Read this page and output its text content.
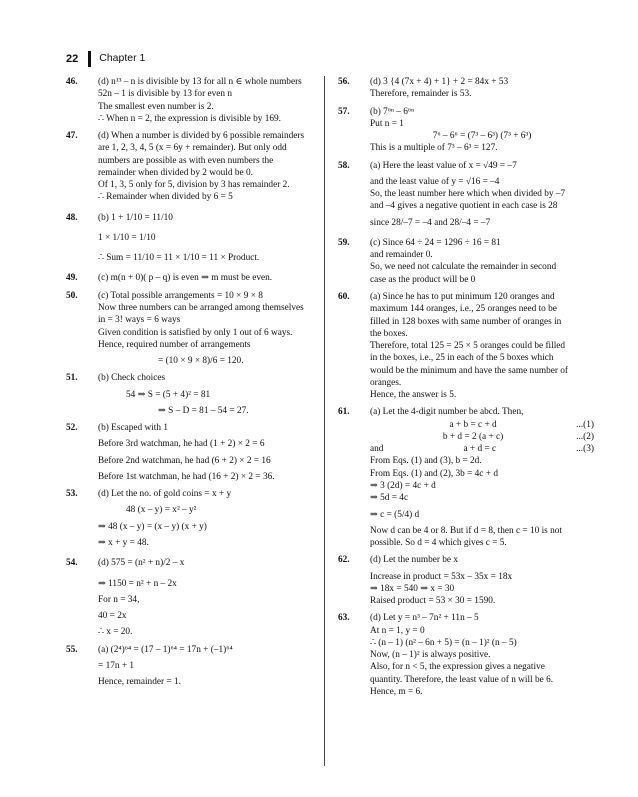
22 Chapter 1
46. (d) n¹³ – n is divisible by 13 for all n ∈ whole numbers
52n – 1 is divisible by 13 for even n
The smallest even number is 2.
∴ When n = 2, the expression is divisible by 169.
47. (d) When a number is divided by 6 possible remainders
are 1, 2, 3, 4, 5 (x = 6y + remainder). But only odd
numbers are possible as with even numbers the
remainder when divided by 2 would be 0.
Of 1, 3, 5 only for 5, division by 3 has remainder 2.
∴ Remainder when divided by 6 = 5
48. (b) 1 + 1/10 = 11/10
1 × 1/10 = 1/10
∴ Sum = 11/10 = 11 × 1/10 = 11 × Product.
49. (c) m(n + 0)( p – q) is even ⇒ m must be even.
50. (c) Total possible arrangements = 10 × 9 × 8
Now three numbers can be arranged among themselves
in = 3! ways = 6 ways
Given condition is satisfied by only 1 out of 6 ways.
Hence, required number of arrangements
= (10 × 9 × 8)/6 = 120.
51. (b) Check choices
54 ⇒ S = (5 + 4)² = 81
⇒ S – D = 81 – 54 = 27.
52. (b) Escaped with 1
Before 3rd watchman, he had (1 + 2) × 2 = 6
Before 2nd watchman, he had (6 + 2) × 2 = 16
Before 1st watchman, he had (16 + 2) × 2 = 36.
53. (d) Let the no. of gold coins = x + y
48 (x – y) = x² – y²
⇒ 48 (x – y) = (x – y) (x + y)
⇒ x + y = 48.
54. (d) 575 = (n² + n)/2 – x
⇒ 1150 = n² + n – 2x
For n = 34,
40 = 2x
∴ x = 20.
55. (a) (2⁴)⁶⁴ = (17 – 1)⁶⁴ = 17n + (–1)⁶⁴
= 17n + 1
Hence, remainder = 1.
56. (d) 3 {4 (7x + 4) + 1} + 2 = 84x + 53
Therefore, remainder is 53.
57. (b) 7⁶ⁿ – 6⁶ⁿ
Put n = 1
7⁶ – 6⁶ = (7³ – 6³) (7³ + 6³)
This is a multiple of 7³ – 6³ = 127.
58. (a) Here the least value of x = √49 = –7
and the least value of y = √16 = –4
So, the least number here which when divided by –7
and –4 gives a negative quotient in each case is 28
since 28/–7 = –4 and 28/–4 = –7
59. (c) Since 64 ÷ 24 = 1296 ÷ 16 = 81
and remainder 0.
So, we need not calculate the remainder in second
case as the product will be 0
60. (a) Since he has to put minimum 120 oranges and
maximum 144 oranges, i.e., 25 oranges need to be
filled in 128 boxes with same number of oranges in
the boxes.
Therefore, total 125 = 25 × 5 oranges could be filled
in the boxes, i.e., 25 in each of the 5 boxes which
would be the minimum and have the same number of
oranges.
Hence, the answer is 5.
61. (a) Let the 4-digit number be abcd. Then,
a + b = c + d	...(1)
b + d = 2 (a + c)	...(2)
and	a + d = c	...(3)
From Eqs. (1) and (3), b = 2d.
From Eqs. (1) and (2), 3b = 4c + d
⇒ 3 (2d) = 4c + d
⇒ 5d = 4c
⇒ c = (5/4) d
Now d can be 4 or 8. But if d = 8, then c = 10 is not
possible. So d = 4 which gives c = 5.
62. (d) Let the number be x
Increase in product = 53x – 35x = 18x
⇒ 18x = 540 ⇒ x = 30
Raised product = 53 × 30 = 1590.
63. (d) Let y = n³ – 7n² + 11n – 5
At n = 1, y = 0
∴ (n – 1) (n² – 6n + 5) = (n – 1)² (n – 5)
Now, (n – 1)² is always positive.
Also, for n < 5, the expression gives a negative
quantity. Therefore, the least value of n will be 6.
Hence, m = 6.
